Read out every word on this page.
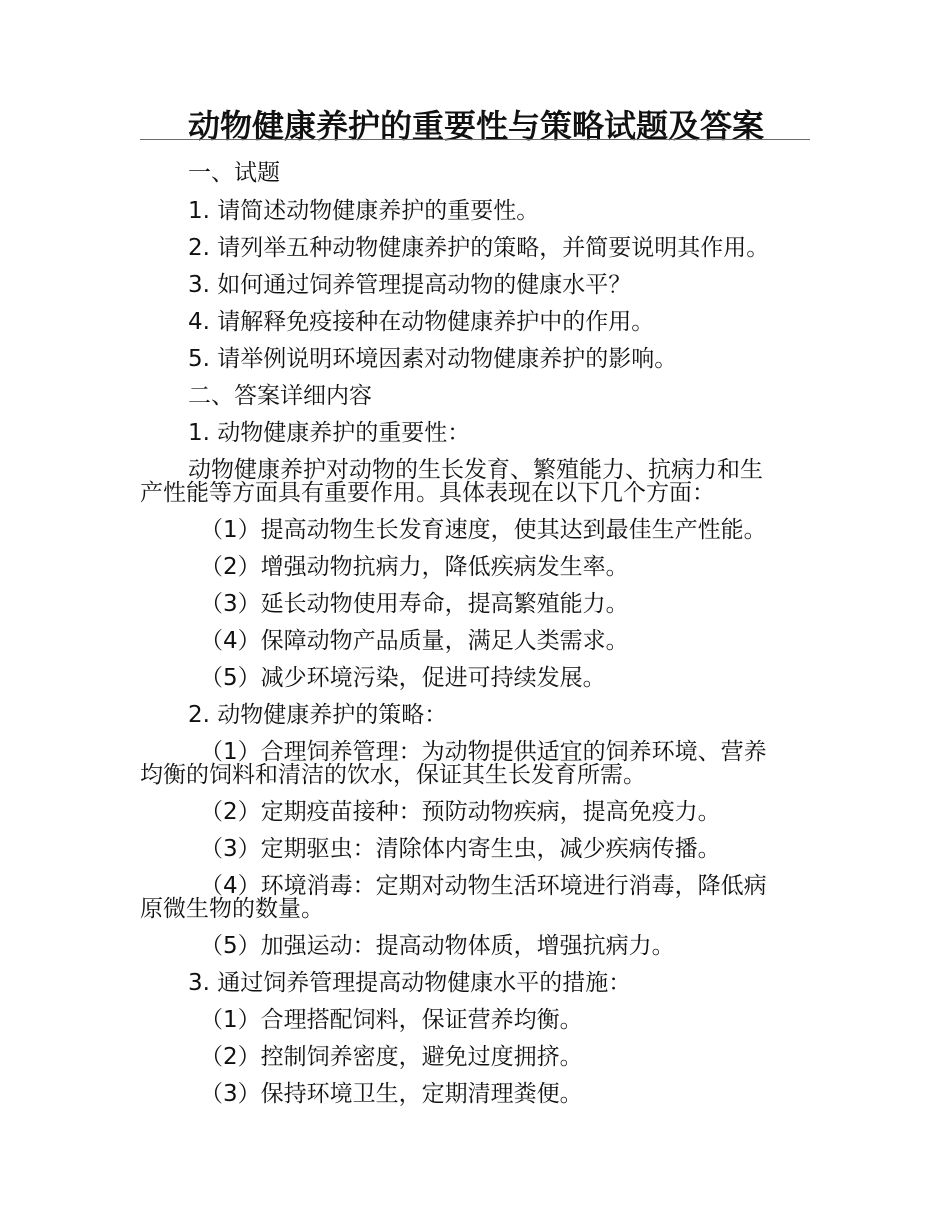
动物健康养护的重要性与策略试题及答案
一、试题
1. 请简述动物健康养护的重要性。
2. 请列举五种动物健康养护的策略，并简要说明其作用。
3. 如何通过饲养管理提高动物的健康水平？
4. 请解释免疫接种在动物健康养护中的作用。
5. 请举例说明环境因素对动物健康养护的影响。
二、答案详细内容
1. 动物健康养护的重要性：
动物健康养护对动物的生长发育、繁殖能力、抗病力和生
产性能等方面具有重要作用。具体表现在以下几个方面：
（1）提高动物生长发育速度，使其达到最佳生产性能。
（2）增强动物抗病力，降低疾病发生率。
（3）延长动物使用寿命，提高繁殖能力。
（4）保障动物产品质量，满足人类需求。
（5）减少环境污染，促进可持续发展。
2. 动物健康养护的策略：
（1）合理饲养管理：为动物提供适宜的饲养环境、营养
均衡的饲料和清洁的饮水，保证其生长发育所需。
（2）定期疫苗接种：预防动物疾病，提高免疫力。
（3）定期驱虫：清除体内寄生虫，减少疾病传播。
（4）环境消毒：定期对动物生活环境进行消毒，降低病
原微生物的数量。
（5）加强运动：提高动物体质，增强抗病力。
3. 通过饲养管理提高动物健康水平的措施：
（1）合理搭配饲料，保证营养均衡。
（2）控制饲养密度，避免过度拥挤。
（3）保持环境卫生，定期清理粪便。
